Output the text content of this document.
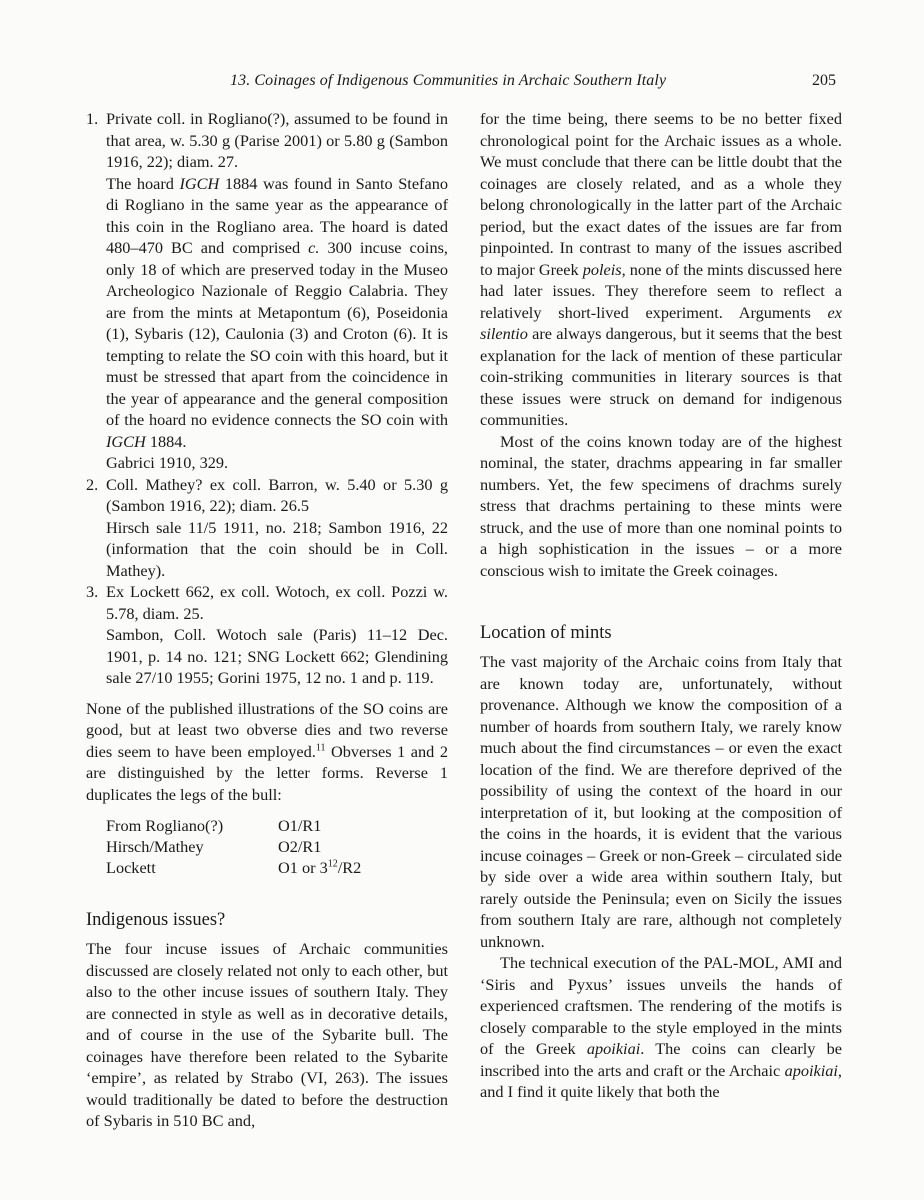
13. Coinages of Indigenous Communities in Archaic Southern Italy	205
1. Private coll. in Rogliano(?), assumed to be found in that area, w. 5.30 g (Parise 2001) or 5.80 g (Sambon 1916, 22); diam. 27.
The hoard IGCH 1884 was found in Santo Stefano di Rogliano in the same year as the appearance of this coin in the Rogliano area. The hoard is dated 480–470 BC and comprised c. 300 incuse coins, only 18 of which are preserved today in the Museo Archeologico Nazionale of Reggio Calabria. They are from the mints at Metapontum (6), Poseidonia (1), Sybaris (12), Caulonia (3) and Croton (6). It is tempting to relate the SO coin with this hoard, but it must be stressed that apart from the coincidence in the year of appearance and the general composition of the hoard no evidence connects the SO coin with IGCH 1884.
Gabrici 1910, 329.
2. Coll. Mathey? ex coll. Barron, w. 5.40 or 5.30 g (Sambon 1916, 22); diam. 26.5
Hirsch sale 11/5 1911, no. 218; Sambon 1916, 22 (information that the coin should be in Coll. Mathey).
3. Ex Lockett 662, ex coll. Wotoch, ex coll. Pozzi w. 5.78, diam. 25.
Sambon, Coll. Wotoch sale (Paris) 11–12 Dec. 1901, p. 14 no. 121; SNG Lockett 662; Glendining sale 27/10 1955; Gorini 1975, 12 no. 1 and p. 119.

None of the published illustrations of the SO coins are good, but at least two obverse dies and two reverse dies seem to have been employed.$^{11}$ Obverses 1 and 2 are distinguished by the letter forms. Reverse 1 duplicates the legs of the bull:

From Rogliano(?)	O1/R1
Hirsch/Mathey	O2/R1
Lockett	O1 or $3^{12}/R2$
Indigenous issues?

The four incuse issues of Archaic communities discussed are closely related not only to each other, but also to the other incuse issues of southern Italy. They are connected in style as well as in decorative details, and of course in the use of the Sybarite bull. The coinages have therefore been related to the Sybarite ‘empire’, as related by Strabo (VI, 263). The issues would traditionally be dated to before the destruction of Sybaris in 510 BC and,

for the time being, there seems to be no better fixed chronological point for the Archaic issues as a whole. We must conclude that there can be little doubt that the coinages are closely related, and as a whole they belong chronologically in the latter part of the Archaic period, but the exact dates of the issues are far from pinpointed. In contrast to many of the issues ascribed to major Greek poleis, none of the mints discussed here had later issues. They therefore seem to reflect a relatively short-lived experiment. Arguments ex silentio are always dangerous, but it seems that the best explanation for the lack of mention of these particular coin-striking communities in literary sources is that these issues were struck on demand for indigenous communities.

Most of the coins known today are of the highest nominal, the stater, drachms appearing in far smaller numbers. Yet, the few specimens of drachms surely stress that drachms pertaining to these mints were struck, and the use of more than one nominal points to a high sophistication in the issues – or a more conscious wish to imitate the Greek coinages.

Location of mints

The vast majority of the Archaic coins from Italy that are known today are, unfortunately, without provenance. Although we know the composition of a number of hoards from southern Italy, we rarely know much about the find circumstances – or even the exact location of the find. We are therefore deprived of the possibility of using the context of the hoard in our interpretation of it, but looking at the composition of the coins in the hoards, it is evident that the various incuse coinages – Greek or non-Greek – circulated side by side over a wide area within southern Italy, but rarely outside the Peninsula; even on Sicily the issues from southern Italy are rare, although not completely unknown.

The technical execution of the PAL-MOL, AMI and ‘Siris and Pyxus’ issues unveils the hands of experienced craftsmen. The rendering of the motifs is closely comparable to the style employed in the mints of the Greek apoikiai. The coins can clearly be inscribed into the arts and craft or the Archaic apoikiai, and I find it quite likely that both the
